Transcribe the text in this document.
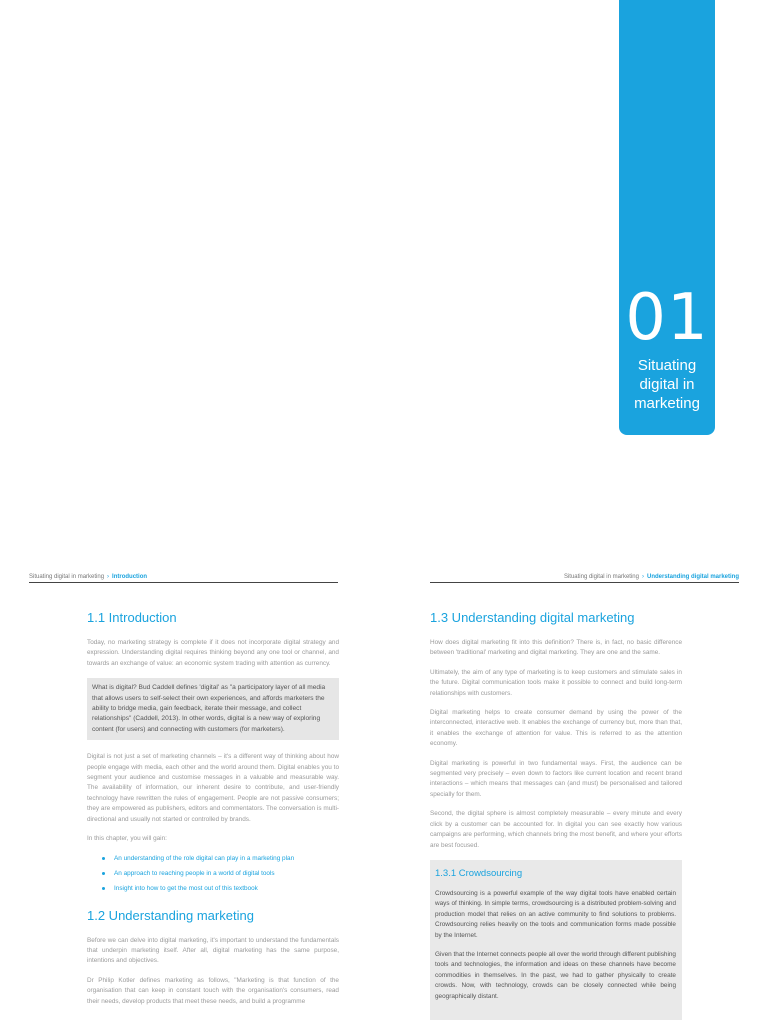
01
Situating
digital in
marketing
Situating digital in marketing › Introduction	Situating digital in marketing › Understanding digital marketing
1.1 Introduction

Today, no marketing strategy is complete if it does not incorporate digital strategy and expression. Understanding digital requires thinking beyond any one tool or channel, and towards an exchange of value: an economic system trading with attention as currency.

What is digital? Bud Caddell defines 'digital' as "a participatory layer of all media that allows users to self-select their own experiences, and affords marketers the ability to bridge media, gain feedback, iterate their message, and collect relationships" (Caddell, 2013). In other words, digital is a new way of exploring content (for users) and connecting with customers (for marketers).

Digital is not just a set of marketing channels – it's a different way of thinking about how people engage with media, each other and the world around them. Digital enables you to segment your audience and customise messages in a valuable and measurable way. The availability of information, our inherent desire to contribute, and user-friendly technology have rewritten the rules of engagement. People are not passive consumers; they are empowered as publishers, editors and commentators. The conversation is multi-directional and usually not started or controlled by brands.

In this chapter, you will gain:

An understanding of the role digital can play in a marketing plan
An approach to reaching people in a world of digital tools
Insight into how to get the most out of this textbook
1.2 Understanding marketing

Before we can delve into digital marketing, it's important to understand the fundamentals that underpin marketing itself. After all, digital marketing has the same purpose, intentions and objectives.

Dr Philip Kotler defines marketing as follows, "Marketing is that function of the organisation that can keep in constant touch with the organisation's consumers, read their needs, develop products that meet these needs, and build a programme

1.3 Understanding digital marketing

How does digital marketing fit into this definition? There is, in fact, no basic difference between 'traditional' marketing and digital marketing. They are one and the same.

Ultimately, the aim of any type of marketing is to keep customers and stimulate sales in the future. Digital communication tools make it possible to connect and build long-term relationships with customers.

Digital marketing helps to create consumer demand by using the power of the interconnected, interactive web. It enables the exchange of currency but, more than that, it enables the exchange of attention for value. This is referred to as the attention economy.

Digital marketing is powerful in two fundamental ways. First, the audience can be segmented very precisely – even down to factors like current location and recent brand interactions – which means that messages can (and must) be personalised and tailored specially for them.

Second, the digital sphere is almost completely measurable – every minute and every click by a customer can be accounted for. In digital you can see exactly how various campaigns are performing, which channels bring the most benefit, and where your efforts are best focused.

1.3.1 Crowdsourcing

Crowdsourcing is a powerful example of the way digital tools have enabled certain ways of thinking. In simple terms, crowdsourcing is a distributed problem-solving and production model that relies on an active community to find solutions to problems. Crowdsourcing relies heavily on the tools and communication forms made possible by the Internet.

Given that the Internet connects people all over the world through different publishing tools and technologies, the information and ideas on these channels have become commodities in themselves. In the past, we had to gather physically to create crowds. Now, with technology, crowds can be closely connected while being geographically distant.
